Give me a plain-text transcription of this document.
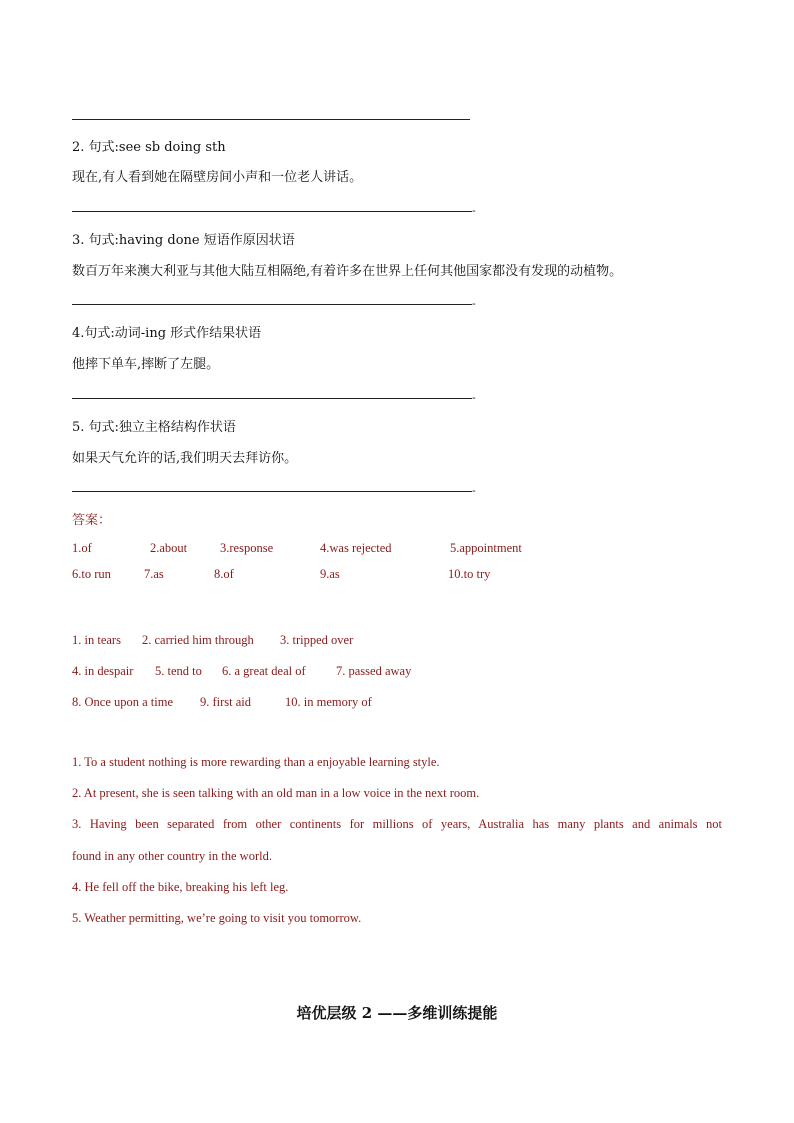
2. 句式:see sb doing sth
现在,有人看到她在隔壁房间小声和一位老人讲话。
-
3. 句式:having done 短语作原因状语
数百万年来澳大利亚与其他大陆互相隔绝,有着许多在世界上任何其他国家都没有发现的动植物。
-
4.句式:动词-ing 形式作结果状语
他摔下单车,摔断了左腿。
-
5. 句式:独立主格结构作状语
如果天气允许的话,我们明天去拜访你。
-
答案：
1.of	2.about	3.response	4.was rejected	5.appointment
6.to run	7.as	8.of	9.as	10.to try
1. in tears 2. carried him through 3. tripped over
4. in despair 5. tend to 6. a great deal of 7. passed away
8. Once upon a time 9. first aid	10. in memory of
1. To a student nothing is more rewarding than a enjoyable learning style.
2. At present, she is seen talking with an old man in a low voice in the next room.
3. Having been separated from other continents for millions of years, Australia has many plants and animals not
found in any other country in the world.
4. He fell off the bike, breaking his left leg.
5. Weather permitting, we’re going to visit you tomorrow.
培优层级 2 ——多维训练提能
